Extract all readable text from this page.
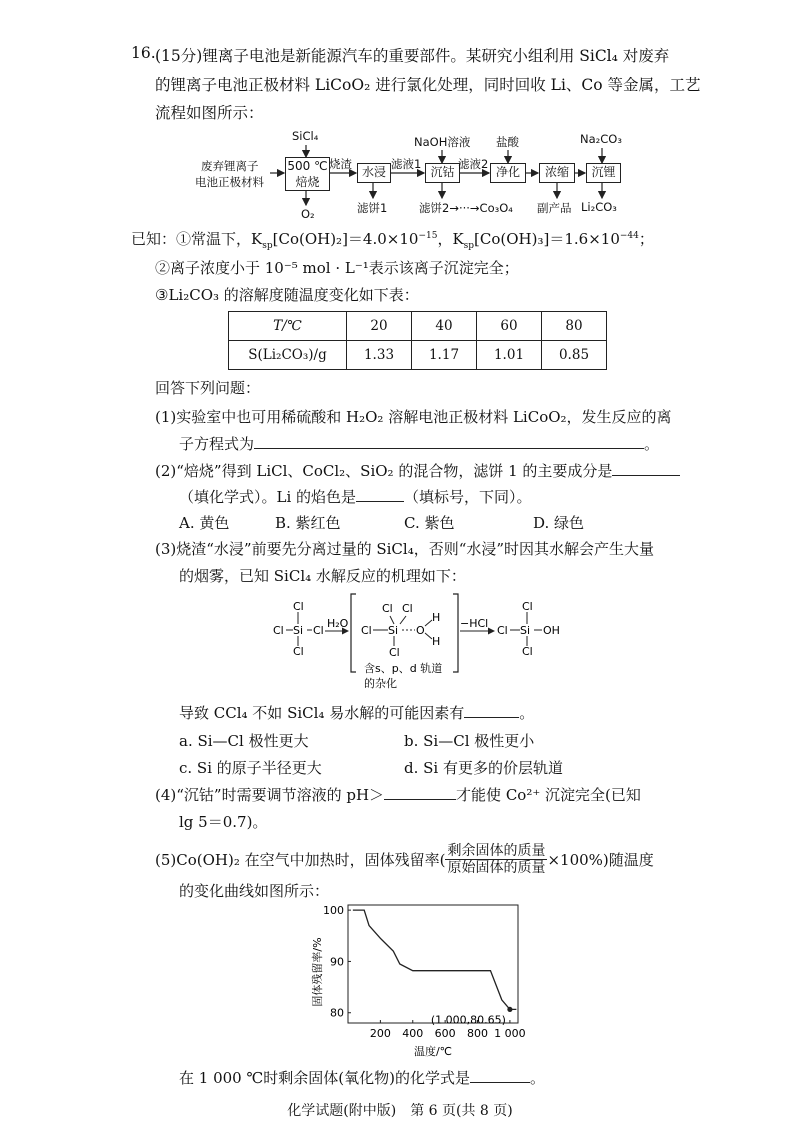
16. (15分)锂离子电池是新能源汽车的重要部件。某研究小组利用 SiCl₄ 对废弃
的锂离子电池正极材料 LiCoO₂ 进行氯化处理，同时回收 Li、Co 等金属，工艺
流程如图所示：
废弃锂离子
电池正极材料
SiCl₄
500 ℃
焙烧
O₂
烧渣
水浸
滤饼1
滤液1
NaOH溶液
沉钴
滤饼2→···→Co₃O₄
滤液2
盐酸
净化	浓缩
副产品
Na₂CO₃
沉锂
Li₂CO₃
已知：①常温下，$K_{sp}[Co(OH)_2]=4.0\times 10^{-15}$，$K_{sp}[Co(OH)_3]=1.6\times 10^{-44}$；
②离子浓度小于 10⁻⁵ mol · L⁻¹表示该离子沉淀完全；
③Li₂CO₃ 的溶解度随温度变化如下表：
T/℃	20	40	60	80
S(Li₂CO₃)/g	1.33	1.17	1.01	0.85
回答下列问题：
(1)实验室中也可用稀硫酸和 H₂O₂ 溶解电池正极材料 LiCoO₂，发生反应的离
子方程式为	。
(2)“焙烧”得到 LiCl、CoCl₂、SiO₂ 的混合物，滤饼 1 的主要成分是
（填化学式）。Li 的焰色是	（填标号，下同）。
A. 黄色	B. 紫红色	C. 紫色	D. 绿色
(3)烧渣“水浸”前要先分离过量的 SiCl₄，否则“水浸”时因其水解会产生大量
的烟雾，已知 SiCl₄ 水解反应的机理如下：
Cl
Cl Si Cl
Cl
H₂O
Cl Cl
Cl Si O
H
H
Cl
含s、p、d 轨道
的杂化
−HCl
Cl
Cl Si OH
Cl
导致 CCl₄ 不如 SiCl₄ 易水解的可能因素有	。
a. Si—Cl 极性更大	b. Si—Cl 极性更小
c. Si 的原子半径更大	d. Si 有更多的价层轨道
(4)“沉钴”时需要调节溶液的 pH＞	才能使 Co²⁺ 沉淀完全(已知
lg 5＝0.7)。
(5)Co(OH)₂ 在空气中加热时，固体残留率( 剩余固体的质量
原始固体的质量 ×100%)随温度
的变化曲线如图所示：
固体残留率/%
温度/℃
200 400 600 800 1 000
100
90
80
(1 000,80.65)
在 1 000 ℃时剩余固体(氧化物)的化学式是	。
化学试题(附中版)　第 6 页(共 8 页)
